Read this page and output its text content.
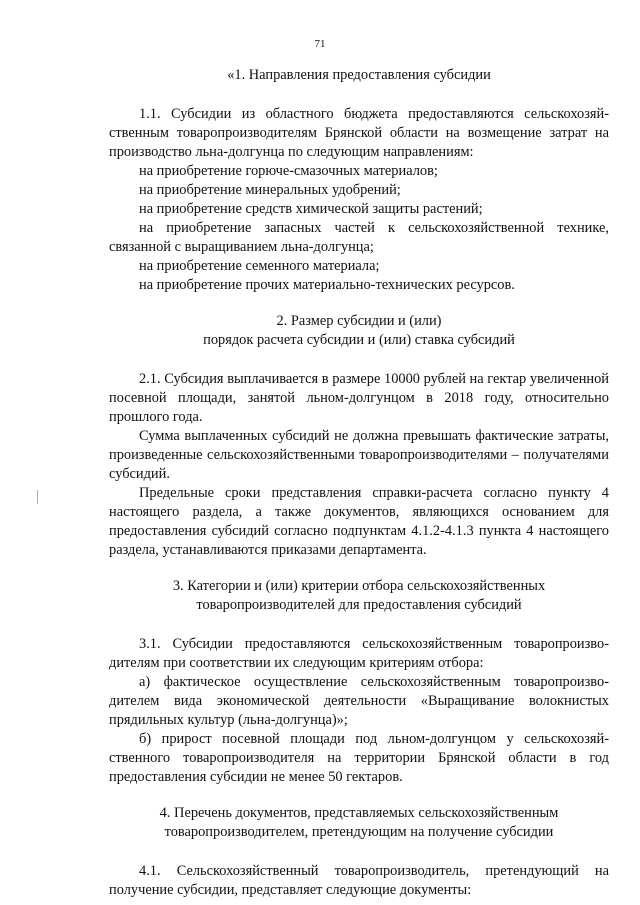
71
«1. Направления предоставления субсидии

1.1. Субсидии из областного бюджета предоставляются сельскохозяй-ственным товаропроизводителям Брянской области на возмещение затрат на производство льна-долгунца по следующим направлениям:

на приобретение горюче-смазочных материалов;

на приобретение минеральных удобрений;

на приобретение средств химической защиты растений;

на приобретение запасных частей к сельскохозяйственной технике, связанной с выращиванием льна-долгунца;

на приобретение семенного материала;

на приобретение прочих материально-технических ресурсов.

2. Размер субсидии и (или)
порядок расчета субсидии и (или) ставка субсидий

2.1. Субсидия выплачивается в размере 10000 рублей на гектар увеличенной посевной площади, занятой льном-долгунцом в 2018 году, относительно прошлого года.

Сумма выплаченных субсидий не должна превышать фактические затраты, произведенные сельскохозяйственными товаропроизводителями – получателями субсидий.

Предельные сроки представления справки-расчета согласно пункту 4 настоящего раздела, а также документов, являющихся основанием для предоставления субсидий согласно подпунктам 4.1.2-4.1.3 пункта 4 настоящего раздела, устанавливаются приказами департамента.

3. Категории и (или) критерии отбора сельскохозяйственных
товаропроизводителей для предоставления субсидий

3.1. Субсидии предоставляются сельскохозяйственным товаропроизво-дителям при соответствии их следующим критериям отбора:

а) фактическое осуществление сельскохозяйственным товаропроизво-дителем вида экономической деятельности «Выращивание волокнистых прядильных культур (льна-долгунца)»;

б) прирост посевной площади под льном-долгунцом у сельскохозяй-ственного товаропроизводителя на территории Брянской области в год предоставления субсидии не менее 50 гектаров.

4. Перечень документов, представляемых сельскохозяйственным
товаропроизводителем, претендующим на получение субсидии

4.1. Сельскохозяйственный товаропроизводитель, претендующий на получение субсидии, представляет следующие документы:
